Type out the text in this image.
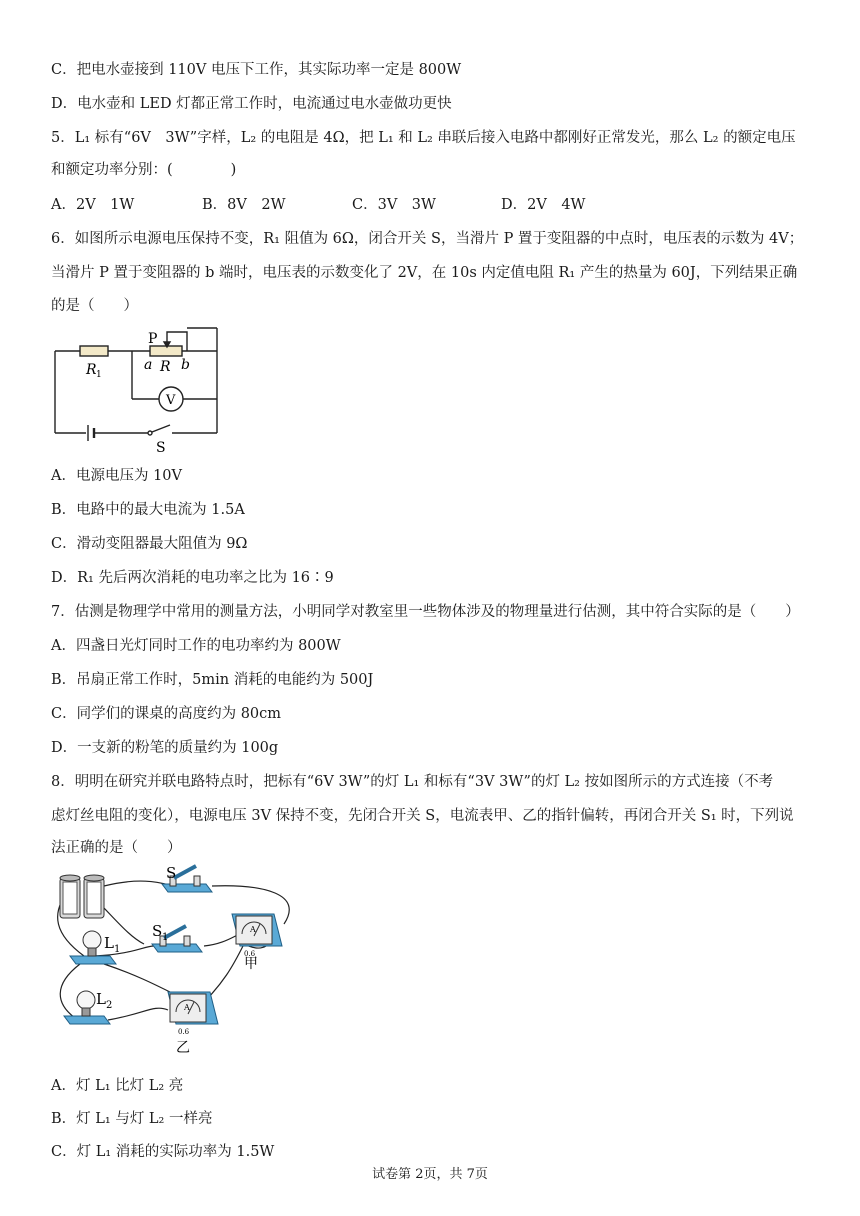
C．把电水壶接到 110V 电压下工作，其实际功率一定是 800W
D．电水壶和 LED 灯都正常工作时，电流通过电水壶做功更快
5．L₁ 标有“6V　3W”字样，L₂ 的电阻是 4Ω，把 L₁ 和 L₂ 串联后接入电路中都刚好正常发光，那么 L₂ 的额定电压
和额定功率分别：(　　　　)
A．2V　1W	B．8V　2W	C．3V　3W	D．2V　4W
6．如图所示电源电压保持不变，R₁ 阻值为 6Ω，闭合开关 S，当滑片 P 置于变阻器的中点时，电压表的示数为 4V；
当滑片 P 置于变阻器的 b 端时，电压表的示数变化了 2V，在 10s 内定值电阻 R₁ 产生的热量为 60J，下列结果正确
的是（　　）
P
a R b
R 1
V
S
A．电源电压为 10V
B．电路中的最大电流为 1.5A
C．滑动变阻器最大阻值为 9Ω
D．R₁ 先后两次消耗的电功率之比为 16∶9
7．估测是物理学中常用的测量方法，小明同学对教室里一些物体涉及的物理量进行估测，其中符合实际的是（　　）
A．四盏日光灯同时工作的电功率约为 800W
B．吊扇正常工作时，5min 消耗的电能约为 500J
C．同学们的课桌的高度约为 80cm
D．一支新的粉笔的质量约为 100g
8．明明在研究并联电路特点时，把标有“6V 3W”的灯 L₁ 和标有“3V 3W”的灯 L₂ 按如图所示的方式连接（不考
虑灯丝电阻的变化），电源电压 3V 保持不变，先闭合开关 S，电流表甲、乙的指针偏转，再闭合开关 S₁ 时，下列说
法正确的是（　　）
S
S 1
L 1
L 2
A
0.6
甲
A
0.6
乙
A．灯 L₁ 比灯 L₂ 亮
B．灯 L₁ 与灯 L₂ 一样亮
C．灯 L₁ 消耗的实际功率为 1.5W
试卷第 2页，共 7页
